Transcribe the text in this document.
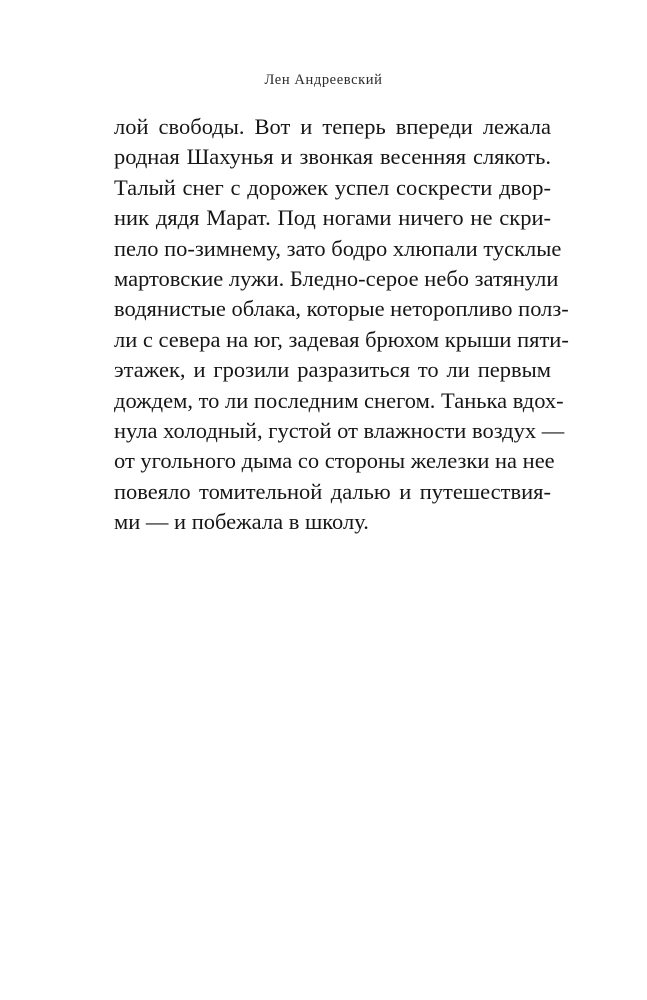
Лен Андреевский
лой свободы. Вот и теперь впереди лежала
родная Шахунья и звонкая весенняя слякоть.
Талый снег с дорожек успел соскрести двор-
ник дядя Марат. Под ногами ничего не скри-
пело по-зимнему, зато бодро хлюпали тусклые
мартовские лужи. Бледно-серое небо затянули
водянистые облака, которые неторопливо полз-
ли с севера на юг, задевая брюхом крыши пяти-
этажек, и грозили разразиться то ли первым
дождем, то ли последним снегом. Танька вдох-
нула холодный, густой от влажности воздух —
от угольного дыма со стороны железки на нее
повеяло томительной далью и путешествия-
ми — и побежала в школу.
